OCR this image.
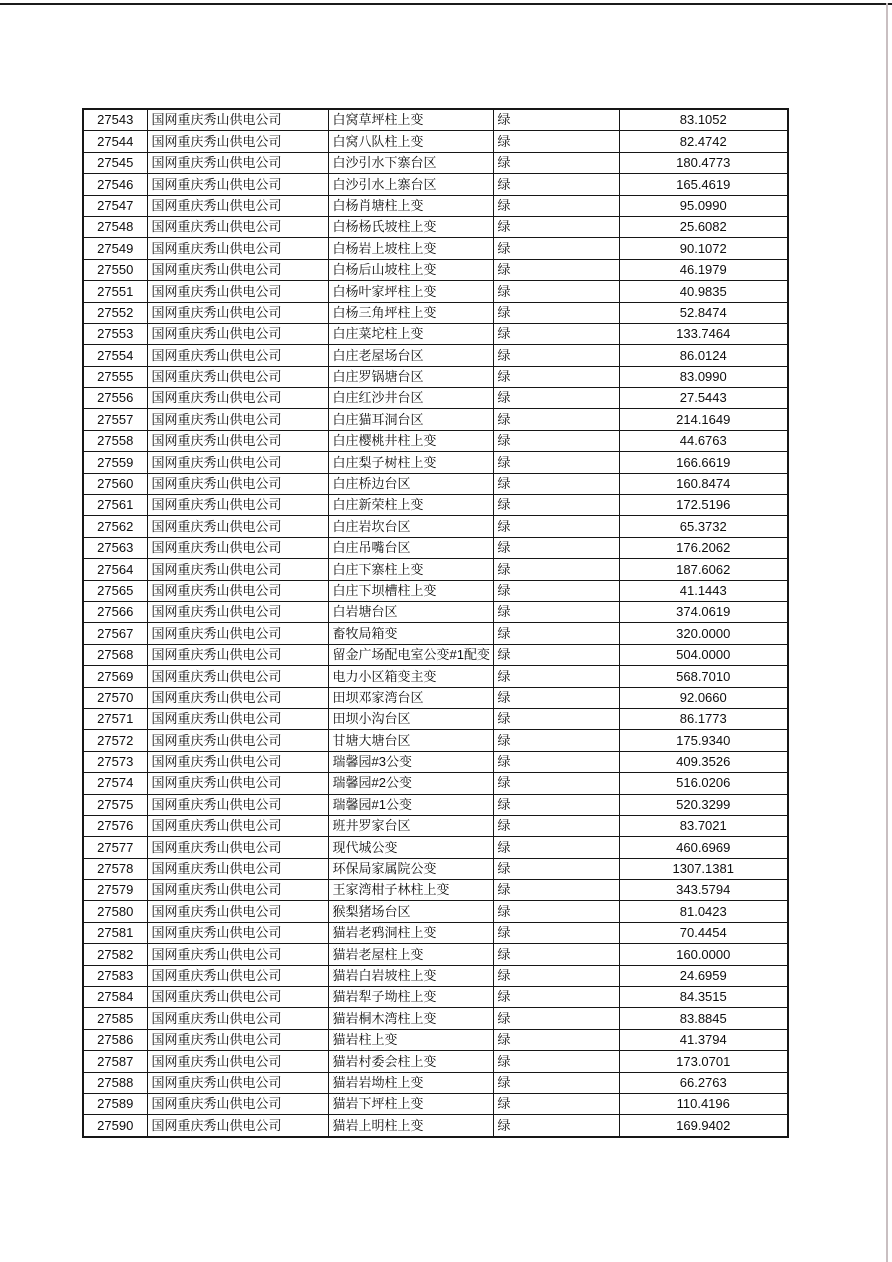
27543	国网重庆秀山供电公司	白窝草坪柱上变	绿	83.1052
27544	国网重庆秀山供电公司	白窝八队柱上变	绿	82.4742
27545	国网重庆秀山供电公司	白沙引水下寨台区	绿	180.4773
27546	国网重庆秀山供电公司	白沙引水上寨台区	绿	165.4619
27547	国网重庆秀山供电公司	白杨肖塘柱上变	绿	95.0990
27548	国网重庆秀山供电公司	白杨杨氏坡柱上变	绿	25.6082
27549	国网重庆秀山供电公司	白杨岩上坡柱上变	绿	90.1072
27550	国网重庆秀山供电公司	白杨后山坡柱上变	绿	46.1979
27551	国网重庆秀山供电公司	白杨叶家坪柱上变	绿	40.9835
27552	国网重庆秀山供电公司	白杨三角坪柱上变	绿	52.8474
27553	国网重庆秀山供电公司	白庄菜坨柱上变	绿	133.7464
27554	国网重庆秀山供电公司	白庄老屋场台区	绿	86.0124
27555	国网重庆秀山供电公司	白庄罗锅塘台区	绿	83.0990
27556	国网重庆秀山供电公司	白庄红沙井台区	绿	27.5443
27557	国网重庆秀山供电公司	白庄猫耳洞台区	绿	214.1649
27558	国网重庆秀山供电公司	白庄樱桃井柱上变	绿	44.6763
27559	国网重庆秀山供电公司	白庄梨子树柱上变	绿	166.6619
27560	国网重庆秀山供电公司	白庄桥边台区	绿	160.8474
27561	国网重庆秀山供电公司	白庄新荣柱上变	绿	172.5196
27562	国网重庆秀山供电公司	白庄岩坎台区	绿	65.3732
27563	国网重庆秀山供电公司	白庄吊嘴台区	绿	176.2062
27564	国网重庆秀山供电公司	白庄下寨柱上变	绿	187.6062
27565	国网重庆秀山供电公司	白庄下坝槽柱上变	绿	41.1443
27566	国网重庆秀山供电公司	白岩塘台区	绿	374.0619
27567	国网重庆秀山供电公司	畜牧局箱变	绿	320.0000
27568	国网重庆秀山供电公司	留金广场配电室公变#1配变	绿	504.0000
27569	国网重庆秀山供电公司	电力小区箱变主变	绿	568.7010
27570	国网重庆秀山供电公司	田坝邓家湾台区	绿	92.0660
27571	国网重庆秀山供电公司	田坝小沟台区	绿	86.1773
27572	国网重庆秀山供电公司	甘塘大塘台区	绿	175.9340
27573	国网重庆秀山供电公司	瑞馨园#3公变	绿	409.3526
27574	国网重庆秀山供电公司	瑞馨园#2公变	绿	516.0206
27575	国网重庆秀山供电公司	瑞馨园#1公变	绿	520.3299
27576	国网重庆秀山供电公司	班井罗家台区	绿	83.7021
27577	国网重庆秀山供电公司	现代城公变	绿	460.6969
27578	国网重庆秀山供电公司	环保局家属院公变	绿	1307.1381
27579	国网重庆秀山供电公司	王家湾柑子林柱上变	绿	343.5794
27580	国网重庆秀山供电公司	猴梨猪场台区	绿	81.0423
27581	国网重庆秀山供电公司	猫岩老鸦洞柱上变	绿	70.4454
27582	国网重庆秀山供电公司	猫岩老屋柱上变	绿	160.0000
27583	国网重庆秀山供电公司	猫岩白岩坡柱上变	绿	24.6959
27584	国网重庆秀山供电公司	猫岩犁子坳柱上变	绿	84.3515
27585	国网重庆秀山供电公司	猫岩桐木湾柱上变	绿	83.8845
27586	国网重庆秀山供电公司	猫岩柱上变	绿	41.3794
27587	国网重庆秀山供电公司	猫岩村委会柱上变	绿	173.0701
27588	国网重庆秀山供电公司	猫岩岩坳柱上变	绿	66.2763
27589	国网重庆秀山供电公司	猫岩下坪柱上变	绿	110.4196
27590	国网重庆秀山供电公司	猫岩上明柱上变	绿	169.9402
